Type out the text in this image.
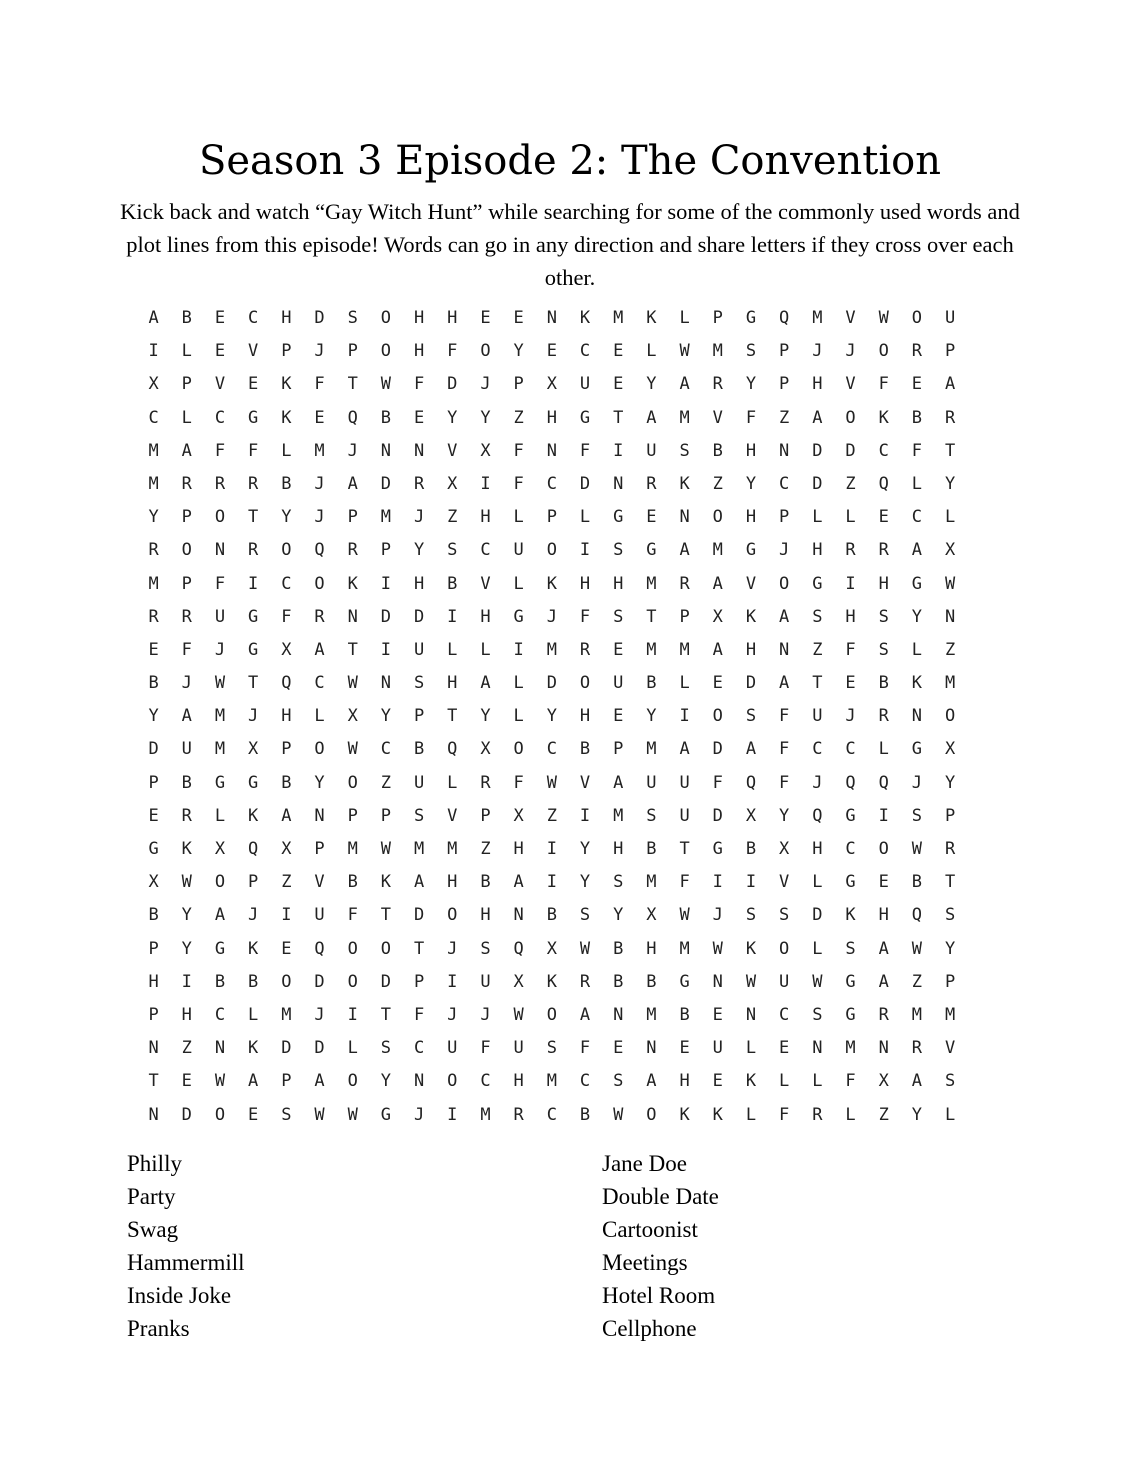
Season 3 Episode 2: The Convention

Kick back and watch “Gay Witch Hunt” while searching for some of the commonly used words and plot lines from this episode! Words can go in any direction and share letters if they cross over each other.

A B E C H D S O H H E E N K M K L P G Q M V W O U
I L E V P J P O H F O Y E C E L W M S P J J O R P
X P V E K F T W F D J P X U E Y A R Y P H V F E A
C L C G K E Q B E Y Y Z H G T A M V F Z A O K B R
M A F F L M J N N V X F N F I U S B H N D D C F T
M R R R B J A D R X I F C D N R K Z Y C D Z Q L Y
Y P O T Y J P M J Z H L P L G E N O H P L L E C L
R O N R O Q R P Y S C U O I S G A M G J H R R A X
M P F I C O K I H B V L K H H M R A V O G I H G W
R R U G F R N D D I H G J F S T P X K A S H S Y N
E F J G X A T I U L L I M R E M M A H N Z F S L Z
B J W T Q C W N S H A L D O U B L E D A T E B K M
Y A M J H L X Y P T Y L Y H E Y I O S F U J R N O
D U M X P O W C B Q X O C B P M A D A F C C L G X
P B G G B Y O Z U L R F W V A U U F Q F J Q Q J Y
E R L K A N P P S V P X Z I M S U D X Y Q G I S P
G K X Q X P M W M M Z H I Y H B T G B X H C O W R
X W O P Z V B K A H B A I Y S M F I I V L G E B T
B Y A J I U F T D O H N B S Y X W J S S D K H Q S
P Y G K E Q O O T J S Q X W B H M W K O L S A W Y
H I B B O D O D P I U X K R B B G N W U W G A Z P
P H C L M J I T F J J W O A N M B E N C S G R M M
N Z N K D D L S C U F U S F E N E U L E N M N R V
T E W A P A O Y N O C H M C S A H E K L L F X A S
N D O E S W W G J I M R C B W O K K L F R L Z Y L
Philly
Party
Swag
Hammermill
Inside Joke
Pranks
Jane Doe
Double Date
Cartoonist
Meetings
Hotel Room
Cellphone
